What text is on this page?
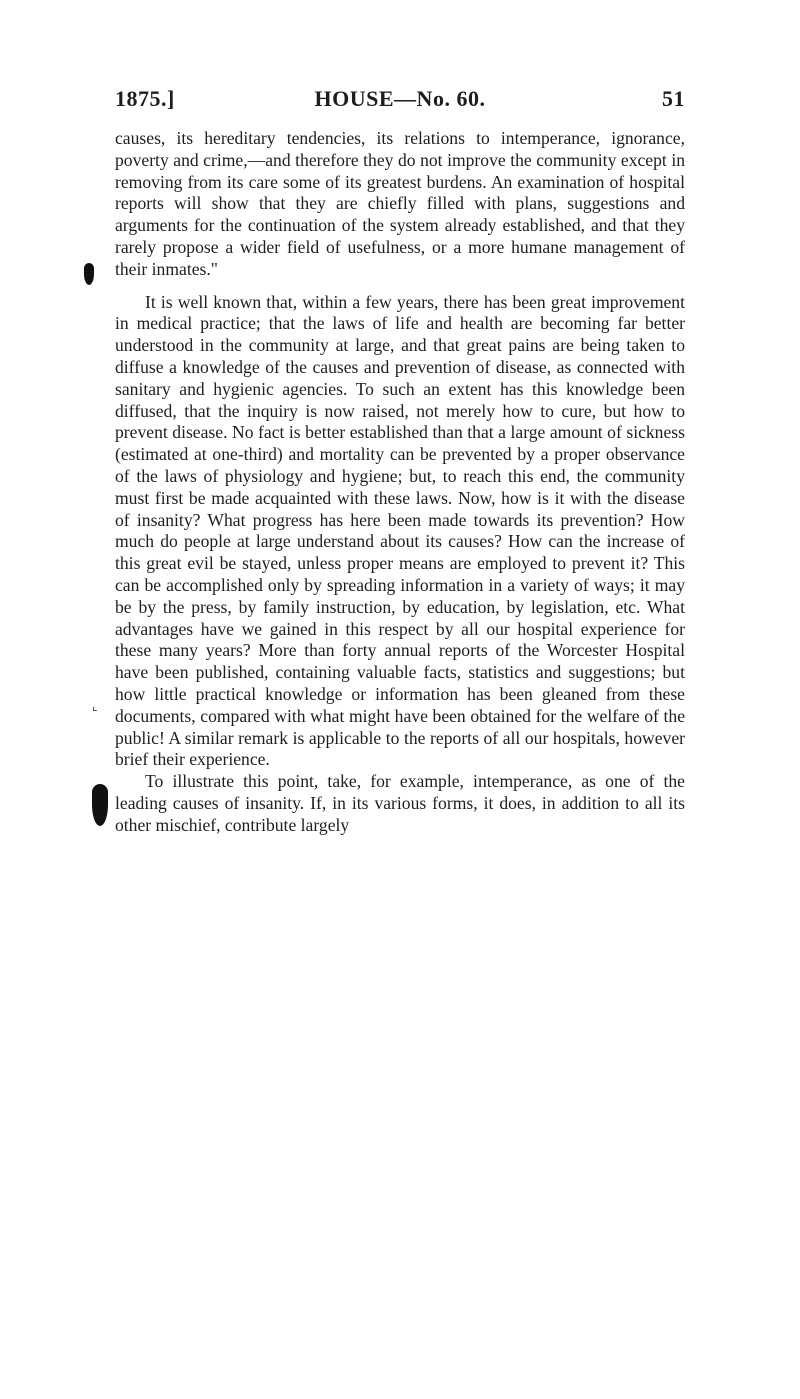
1875.]	HOUSE—No. 60.	51
⌞

causes, its hereditary tendencies, its relations to intemperance, ignorance, poverty and crime,—and therefore they do not improve the community except in removing from its care some of its greatest burdens. An examination of hospital reports will show that they are chiefly filled with plans, suggestions and arguments for the continuation of the system already established, and that they rarely propose a wider field of usefulness, or a more humane management of their inmates."

It is well known that, within a few years, there has been great improvement in medical practice; that the laws of life and health are becoming far better understood in the community at large, and that great pains are being taken to diffuse a knowledge of the causes and prevention of disease, as connected with sanitary and hygienic agencies. To such an extent has this knowledge been diffused, that the inquiry is now raised, not merely how to cure, but how to prevent disease. No fact is better established than that a large amount of sickness (estimated at one-third) and mortality can be prevented by a proper observance of the laws of physiology and hygiene; but, to reach this end, the community must first be made acquainted with these laws. Now, how is it with the disease of insanity? What progress has here been made towards its prevention? How much do people at large understand about its causes? How can the increase of this great evil be stayed, unless proper means are employed to prevent it? This can be accomplished only by spreading information in a variety of ways; it may be by the press, by family instruction, by education, by legislation, etc. What advantages have we gained in this respect by all our hospital experience for these many years? More than forty annual reports of the Worcester Hospital have been published, containing valuable facts, statistics and suggestions; but how little practical knowledge or information has been gleaned from these documents, compared with what might have been obtained for the welfare of the public! A similar remark is applicable to the reports of all our hospitals, however brief their experience.

To illustrate this point, take, for example, intemperance, as one of the leading causes of insanity. If, in its various forms, it does, in addition to all its other mischief, contribute largely
